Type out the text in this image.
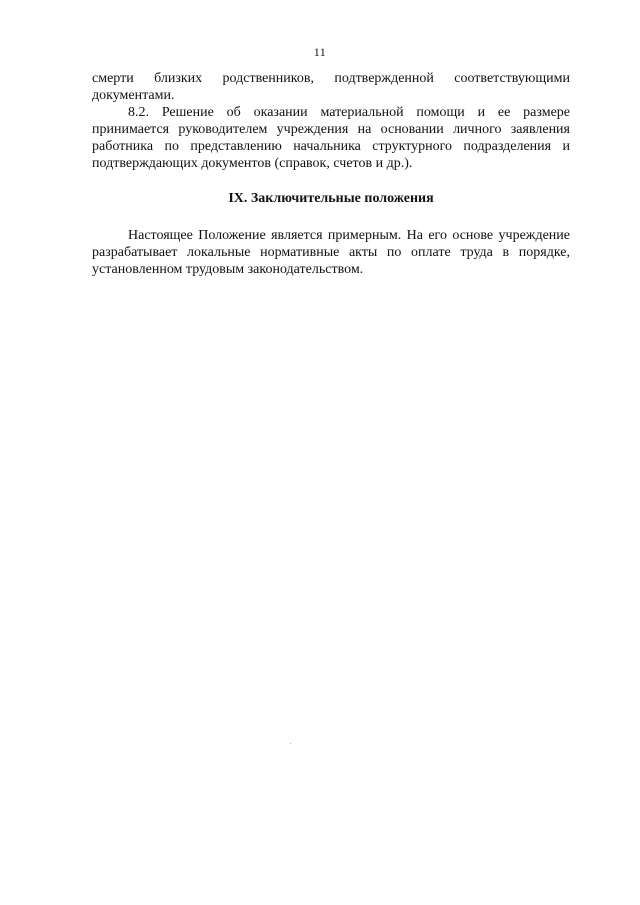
11

смерти близких родственников, подтвержденной соответствующими документами.

8.2. Решение об оказании материальной помощи и ее размере принимается руководителем учреждения на основании личного заявления работника по представлению начальника структурного подразделения и подтверждающих документов (справок, счетов и др.).

IX. Заключительные положения

Настоящее Положение является примерным. На его основе учреждение разрабатывает локальные нормативные акты по оплате труда в порядке, установленном трудовым законодательством.
